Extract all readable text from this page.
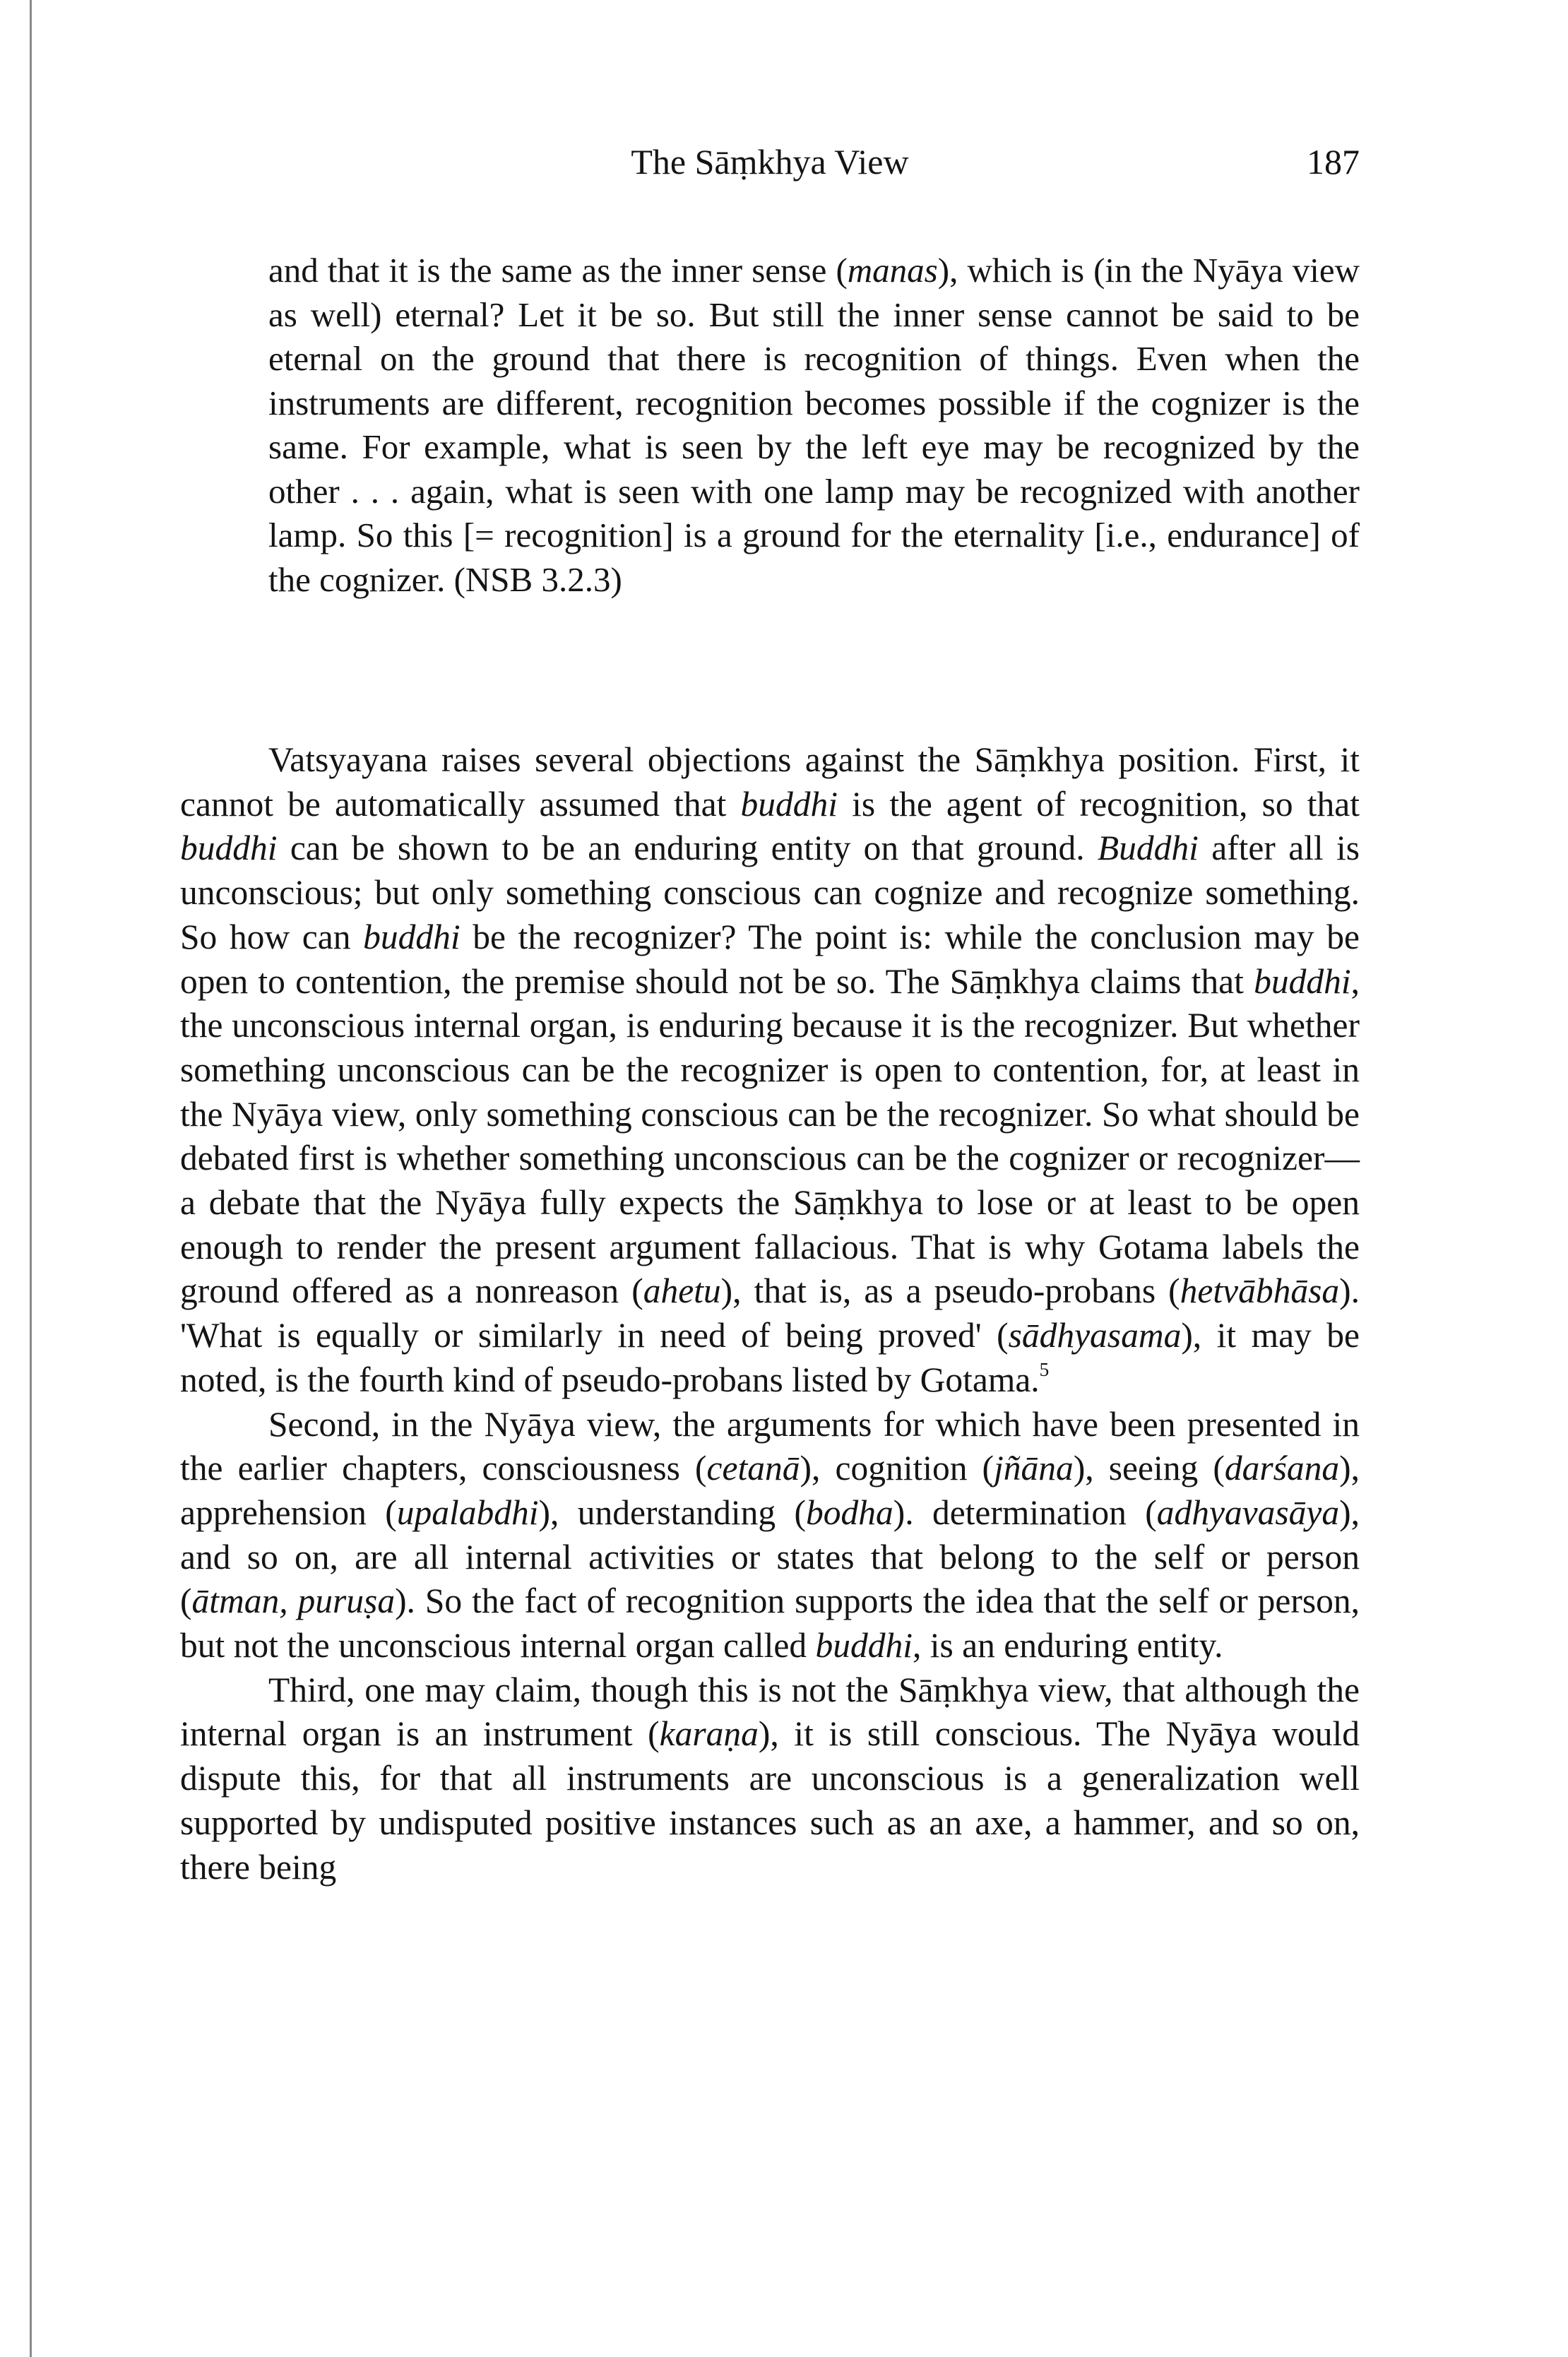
The Sāṃkhya View	187

and that it is the same as the inner sense (manas), which is (in the Nyāya view as well) eternal? Let it be so. But still the inner sense cannot be said to be eternal on the ground that there is recognition of things. Even when the instruments are different, recognition becomes possible if the cognizer is the same. For example, what is seen by the left eye may be recognized by the other . . . again, what is seen with one lamp may be recognized with another lamp. So this [= recognition] is a ground for the eternality [i.e., endurance] of the cognizer. (NSB 3.2.3)

Vatsyayana raises several objections against the Sāṃkhya position. First, it cannot be automatically assumed that buddhi is the agent of recognition, so that buddhi can be shown to be an enduring entity on that ground. Buddhi after all is unconscious; but only something conscious can cognize and recognize something. So how can buddhi be the recognizer? The point is: while the conclusion may be open to contention, the premise should not be so. The Sāṃkhya claims that buddhi, the unconscious internal organ, is enduring because it is the recognizer. But whether something unconscious can be the recognizer is open to contention, for, at least in the Nyāya view, only something conscious can be the recognizer. So what should be debated first is whether something unconscious can be the cognizer or recognizer—a debate that the Nyāya fully expects the Sāṃkhya to lose or at least to be open enough to render the present argument fallacious. That is why Gotama labels the ground offered as a nonreason (ahetu), that is, as a pseudo-probans (hetvābhāsa). 'What is equally or similarly in need of being proved' (sādhyasama), it may be noted, is the fourth kind of pseudo-probans listed by Gotama.$^5$

Second, in the Nyāya view, the arguments for which have been presented in the earlier chapters, consciousness (cetanā), cognition (jñāna), seeing (darśana), apprehension (upalabdhi), understanding (bodha). determination (adhyavasāya), and so on, are all internal activities or states that belong to the self or person (ātman, puruṣa). So the fact of recognition supports the idea that the self or person, but not the unconscious internal organ called buddhi, is an enduring entity.

Third, one may claim, though this is not the Sāṃkhya view, that although the internal organ is an instrument (karaṇa), it is still conscious. The Nyāya would dispute this, for that all instruments are unconscious is a generalization well supported by undisputed positive instances such as an axe, a hammer, and so on, there being
